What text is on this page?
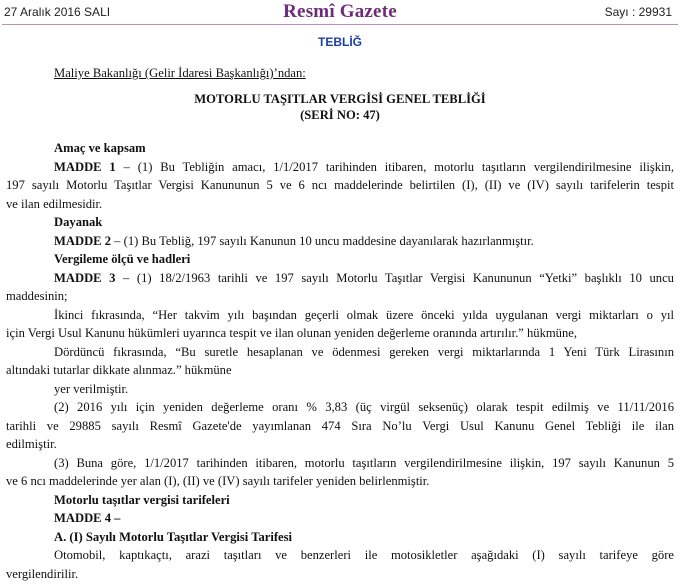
27 Aralık 2016 SALI	Resmî Gazete	Sayı : 29931
TEBLİĞ
Maliye Bakanlığı (Gelir İdaresi Başkanlığı)’ndan:
MOTORLU TAŞITLAR VERGİSİ GENEL TEBLİĞİ
(SERİ NO: 47)
Amaç ve kapsam
MADDE 1 – (1) Bu Tebliğin amacı, 1/1/2017 tarihinden itibaren, motorlu taşıtların vergilendirilmesine ilişkin,
197 sayılı Motorlu Taşıtlar Vergisi Kanununun 5 ve 6 ncı maddelerinde belirtilen (I), (II) ve (IV) sayılı tarifelerin tespit
ve ilan edilmesidir.
Dayanak
MADDE 2 – (1) Bu Tebliğ, 197 sayılı Kanunun 10 uncu maddesine dayanılarak hazırlanmıştır.
Vergileme ölçü ve hadleri
MADDE 3 – (1) 18/2/1963 tarihli ve 197 sayılı Motorlu Taşıtlar Vergisi Kanununun “Yetki” başlıklı 10 uncu
maddesinin;
İkinci fıkrasında, “Her takvim yılı başından geçerli olmak üzere önceki yılda uygulanan vergi miktarları o yıl
için Vergi Usul Kanunu hükümleri uyarınca tespit ve ilan olunan yeniden değerleme oranında artırılır.” hükmüne,
Dördüncü fıkrasında, “Bu suretle hesaplanan ve ödenmesi gereken vergi miktarlarında 1 Yeni Türk Lirasının
altındaki tutarlar dikkate alınmaz.” hükmüne
yer verilmiştir.
(2) 2016 yılı için yeniden değerleme oranı % 3,83 (üç virgül seksenüç) olarak tespit edilmiş ve 11/11/2016
tarihli ve 29885 sayılı Resmî Gazete'de yayımlanan 474 Sıra No’lu Vergi Usul Kanunu Genel Tebliği ile ilan
edilmiştir.
(3) Buna göre, 1/1/2017 tarihinden itibaren, motorlu taşıtların vergilendirilmesine ilişkin, 197 sayılı Kanunun 5
ve 6 ncı maddelerinde yer alan (I), (II) ve (IV) sayılı tarifeler yeniden belirlenmiştir.
Motorlu taşıtlar vergisi tarifeleri
MADDE 4 –
A. (I) Sayılı Motorlu Taşıtlar Vergisi Tarifesi
Otomobil, kaptıkaçtı, arazi taşıtları ve benzerleri ile motosikletler aşağıdaki (I) sayılı tarifeye göre
vergilendirilir.
